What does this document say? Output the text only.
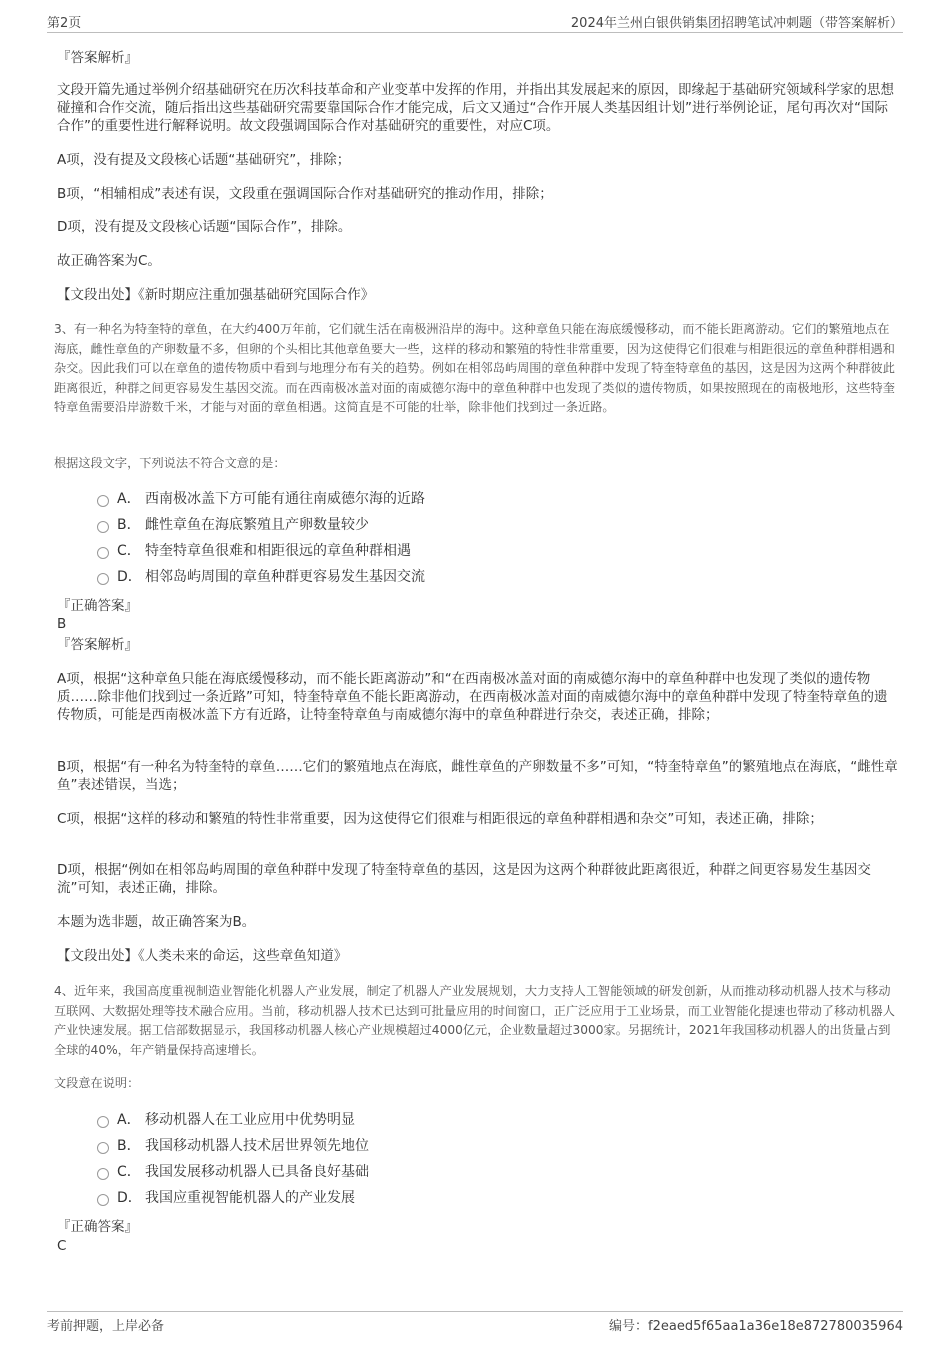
第2页	2024年兰州白银供销集团招聘笔试冲刺题（带答案解析）
『答案解析』
文段开篇先通过举例介绍基础研究在历次科技革命和产业变革中发挥的作用，并指出其发展起来的原因，即缘起于基础研究领域科学家的思想碰撞和合作交流，随后指出这些基础研究需要靠国际合作才能完成，后文又通过“合作开展人类基因组计划”进行举例论证，尾句再次对“国际合作”的重要性进行解释说明。故文段强调国际合作对基础研究的重要性，对应C项。
A项，没有提及文段核心话题“基础研究”，排除；
B项，“相辅相成”表述有误，文段重在强调国际合作对基础研究的推动作用，排除；
D项，没有提及文段核心话题“国际合作”，排除。
故正确答案为C。
【文段出处】《新时期应注重加强基础研究国际合作》
3、有一种名为特奎特的章鱼，在大约400万年前，它们就生活在南极洲沿岸的海中。这种章鱼只能在海底缓慢移动，而不能长距离游动。它们的繁殖地点在海底，雌性章鱼的产卵数量不多，但卵的个头相比其他章鱼要大一些，这样的移动和繁殖的特性非常重要，因为这使得它们很难与相距很远的章鱼种群相遇和杂交。因此我们可以在章鱼的遗传物质中看到与地理分布有关的趋势。例如在相邻岛屿周围的章鱼种群中发现了特奎特章鱼的基因，这是因为这两个种群彼此距离很近，种群之间更容易发生基因交流。而在西南极冰盖对面的南威德尔海中的章鱼种群中也发现了类似的遗传物质，如果按照现在的南极地形，这些特奎特章鱼需要沿岸游数千米，才能与对面的章鱼相遇。这简直是不可能的壮举，除非他们找到过一条近路。
根据这段文字，下列说法不符合文意的是：
A． 西南极冰盖下方可能有通往南威德尔海的近路
B． 雌性章鱼在海底繁殖且产卵数量较少
C． 特奎特章鱼很难和相距很远的章鱼种群相遇
D． 相邻岛屿周围的章鱼种群更容易发生基因交流
『正确答案』
B
『答案解析』
A项，根据“这种章鱼只能在海底缓慢移动，而不能长距离游动”和“在西南极冰盖对面的南威德尔海中的章鱼种群中也发现了类似的遗传物质……除非他们找到过一条近路”可知，特奎特章鱼不能长距离游动，在西南极冰盖对面的南威德尔海中的章鱼种群中发现了特奎特章鱼的遗传物质，可能是西南极冰盖下方有近路，让特奎特章鱼与南威德尔海中的章鱼种群进行杂交，表述正确，排除；
B项，根据“有一种名为特奎特的章鱼……它们的繁殖地点在海底，雌性章鱼的产卵数量不多”可知，“特奎特章鱼”的繁殖地点在海底，“雌性章鱼”表述错误，当选；
C项，根据“这样的移动和繁殖的特性非常重要，因为这使得它们很难与相距很远的章鱼种群相遇和杂交”可知，表述正确，排除；
D项，根据“例如在相邻岛屿周围的章鱼种群中发现了特奎特章鱼的基因，这是因为这两个种群彼此距离很近，种群之间更容易发生基因交流”可知，表述正确，排除。
本题为选非题，故正确答案为B。
【文段出处】《人类未来的命运，这些章鱼知道》
4、近年来，我国高度重视制造业智能化机器人产业发展，制定了机器人产业发展规划，大力支持人工智能领域的研发创新，从而推动移动机器人技术与移动互联网、大数据处理等技术融合应用。当前，移动机器人技术已达到可批量应用的时间窗口，正广泛应用于工业场景，而工业智能化提速也带动了移动机器人产业快速发展。据工信部数据显示，我国移动机器人核心产业规模超过4000亿元，企业数量超过3000家。另据统计，2021年我国移动机器人的出货量占到全球的40%，年产销量保持高速增长。
文段意在说明：
A． 移动机器人在工业应用中优势明显
B． 我国移动机器人技术居世界领先地位
C． 我国发展移动机器人已具备良好基础
D． 我国应重视智能机器人的产业发展
『正确答案』
C
考前押题，上岸必备	编号：f2eaed5f65aa1a36e18e872780035964
